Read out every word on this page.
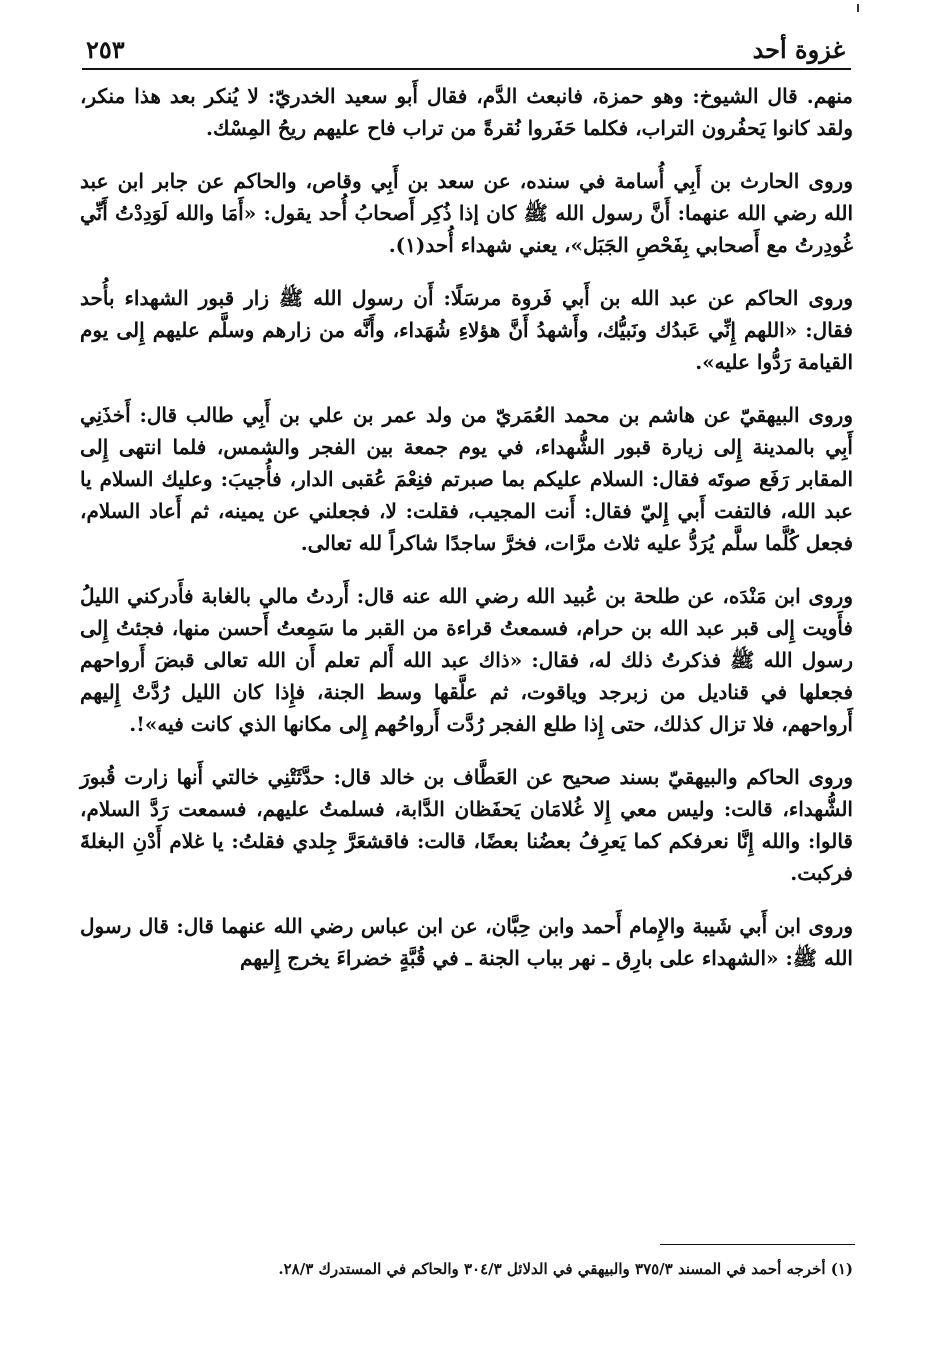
غزوة أحد
٢٥٣

منهم. قال الشيوخ: وهو حمزة، فانبعث الدَّم، فقال أَبو سعيد الخدريّ: لا يُنكر بعد هذا منكر، ولقد كانوا يَحفُرون التراب، فكلما حَفَروا نُقرةً من تراب فاح عليهم ريحُ المِسْك.

وروى الحارث بن أَبِي أُسامة في سنده، عن سعد بن أَبِي وقاص، والحاكم عن جابر ابن عبد الله رضي الله عنهما: أَنَّ رسول الله ﷺ كان إذا ذُكِر أَصحابُ أُحد يقول: «أَمَا والله لَوَدِدْتُ أَنِّي غُودِرتُ مع أَصحابي بِفَحْصِ الجَبَل»، يعني شهداء أُحد(١).

وروى الحاكم عن عبد الله بن أَبي فَروة مرسَلًا: أَن رسول الله ﷺ زار قبور الشهداء بأُحد فقال: «اللهم إِنِّي عَبدُك ونَبيُّك، وأَشهدُ أَنَّ هؤلاءِ شُهَداء، وأَنَّه من زارهم وسلَّم عليهم إِلى يوم القيامة رَدُّوا عليه».

وروى البيهقيّ عن هاشم بن محمد العُمَريّ من ولد عمر بن علي بن أَبِي طالب قال: أَخذَنِي أَبِي بالمدينة إِلى زيارة قبور الشُّهداء، في يوم جمعة بين الفجر والشمس، فلما انتهى إِلى المقابر رَفَع صوتَه فقال: السلام عليكم بما صبرتم فنِعْمَ عُقبى الدار، فأُجيبَ: وعليك السلام يا عبد الله، فالتفت أَبي إِليّ فقال: أَنت المجيب، فقلت: لا، فجعلني عن يمينه، ثم أَعاد السلام، فجعل كُلَّما سلَّم يُرَدُّ عليه ثلاث مرَّات، فخرَّ ساجدًا شاكراً لله تعالى.

وروى ابن مَنْدَه، عن طلحة بن عُبيد الله رضي الله عنه قال: أَردتُ مالي بالغابة فأَدركني الليلُ فأَويت إِلى قبر عبد الله بن حرام، فسمعتُ قراءة من القبر ما سَمِعتُ أَحسن منها، فجئتُ إِلى رسول الله ﷺ فذكرتُ ذلك له، فقال: «ذاك عبد الله أَلم تعلم أَن الله تعالى قبضَ أَرواحهم فجعلها في قناديل من زبرجد وياقوت، ثم علَّقها وسط الجنة، فإِذا كان الليل رُدَّتْ إِليهم أَرواحهم، فلا تزال كذلك، حتى إِذا طلع الفجر رُدَّت أَرواحُهم إِلى مكانها الذي كانت فيه»!.

وروى الحاكم والبيهقيّ بسند صحيح عن العَطَّاف بن خالد قال: حدَّثَتْنِي خالتي أَنها زارت قُبورَ الشُّهداء، قالت: وليس معي إِلا غُلامَان يَحفَظان الدَّابة، فسلمتُ عليهم، فسمعت رَدَّ السلام، قالوا: والله إِنَّا نعرفكم كما يَعرِفُ بعضُنا بعضًا، قالت: فاقشعَرَّ جِلدي فقلتُ: يا غلام أَدْنِ البغلةَ فركبت.

وروى ابن أَبي شَيبة والإِمام أَحمد وابن حِبَّان، عن ابن عباس رضي الله عنهما قال: قال رسول الله ﷺ: «الشهداء على بارِق ـ نهر بباب الجنة ـ في قُبَّةٍ خضراءَ يخرج إِليهم

(١) أخرجه أحمد في المسند ٣٧٥/٣ والبيهقي في الدلائل ٣٠٤/٣ والحاكم في المستدرك ٢٨/٣.
